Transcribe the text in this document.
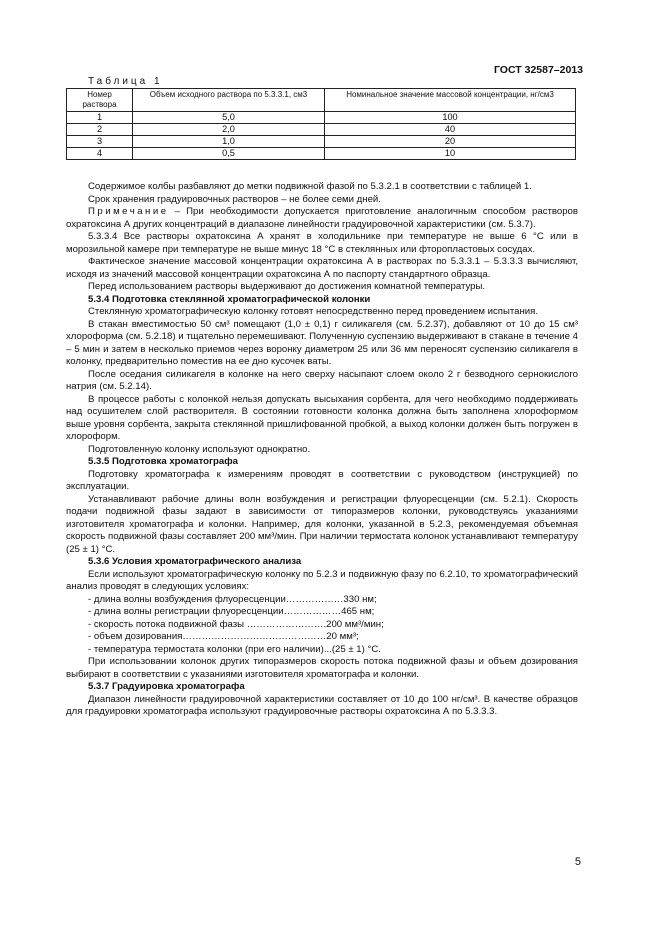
ГОСТ 32587–2013
Таблица 1
Номер раствора	Объем исходного раствора по 5.3.3.1, см3	Номинальное значение массовой концентрации, нг/см3
1	5,0	100
2	2,0	40
3	1,0	20
4	0,5	10

Содержимое колбы разбавляют до метки подвижной фазой по 5.3.2.1 в соответствии с таблицей 1.

Срок хранения градуировочных растворов – не более семи дней.

Примечание – При необходимости допускается приготовление аналогичным способом растворов охратоксина А других концентраций в диапазоне линейности градуировочной характеристики (см. 5.3.7).

5.3.3.4 Все растворы охратоксина А хранят в холодильнике при температуре не выше 6 °С или в морозильной камере при температуре не выше минус 18 °С в стеклянных или фторопластовых сосудах.

Фактическое значение массовой концентрации охратоксина А в растворах по 5.3.3.1 – 5.3.3.3 вычисляют, исходя из значений массовой концентрации охратоксина А по паспорту стандартного образца.

Перед использованием растворы выдерживают до достижения комнатной температуры.

5.3.4 Подготовка стеклянной хроматографической колонки

Стеклянную хроматографическую колонку готовят непосредственно перед проведением испытания.

В стакан вместимостью 50 см³ помещают (1,0 ± 0,1) г силикагеля (см. 5.2.37), добавляют от 10 до 15 см³ хлороформа (см. 5.2.18) и тщательно перемешивают. Полученную суспензию выдерживают в стакане в течение 4 – 5 мин и затем в несколько приемов через воронку диаметром 25 или 36 мм переносят суспензию силикагеля в колонку, предварительно поместив на ее дно кусочек ваты.

После оседания силикагеля в колонке на него сверху насыпают слоем около 2 г безводного сернокислого натрия (см. 5.2.14).

В процессе работы с колонкой нельзя допускать высыхания сорбента, для чего необходимо поддерживать над осушителем слой растворителя. В состоянии готовности колонка должна быть заполнена хлороформом выше уровня сорбента, закрыта стеклянной пришлифованной пробкой, а выход колонки должен быть погружен в хлороформ.

Подготовленную колонку используют однократно.

5.3.5 Подготовка хроматографа

Подготовку хроматографа к измерениям проводят в соответствии с руководством (инструкцией) по эксплуатации.

Устанавливают рабочие длины волн возбуждения и регистрации флуоресценции (см. 5.2.1). Скорость подачи подвижной фазы задают в зависимости от типоразмеров колонки, руководствуясь указаниями изготовителя хроматографа и колонки. Например, для колонки, указанной в 5.2.3, рекомендуемая объемная скорость подвижной фазы составляет 200 мм³/мин. При наличии термостата колонок устанавливают температуру (25 ± 1) °С.

5.3.6 Условия хроматографического анализа

Если используют хроматографическую колонку по 5.2.3 и подвижную фазу по 6.2.10, то хроматографический анализ проводят в следующих условиях:

- длина волны возбуждения флуоресценции………………330 нм;

- длина волны регистрации флуоресценции………………465 нм;

- скорость потока подвижной фазы …………………….200 мм³/мин;

- объем дозирования………………………………………20 мм³;

- температура термостата колонки (при его наличии)...(25 ± 1) °С.

При использовании колонок других типоразмеров скорость потока подвижной фазы и объем дозирования выбирают в соответствии с указаниями изготовителя хроматографа и колонки.

5.3.7 Градуировка хроматографа

Диапазон линейности градуировочной характеристики составляет от 10 до 100 нг/см³. В качестве образцов для градуировки хроматографа используют градуировочные растворы охратоксина А по 5.3.3.3.

5
